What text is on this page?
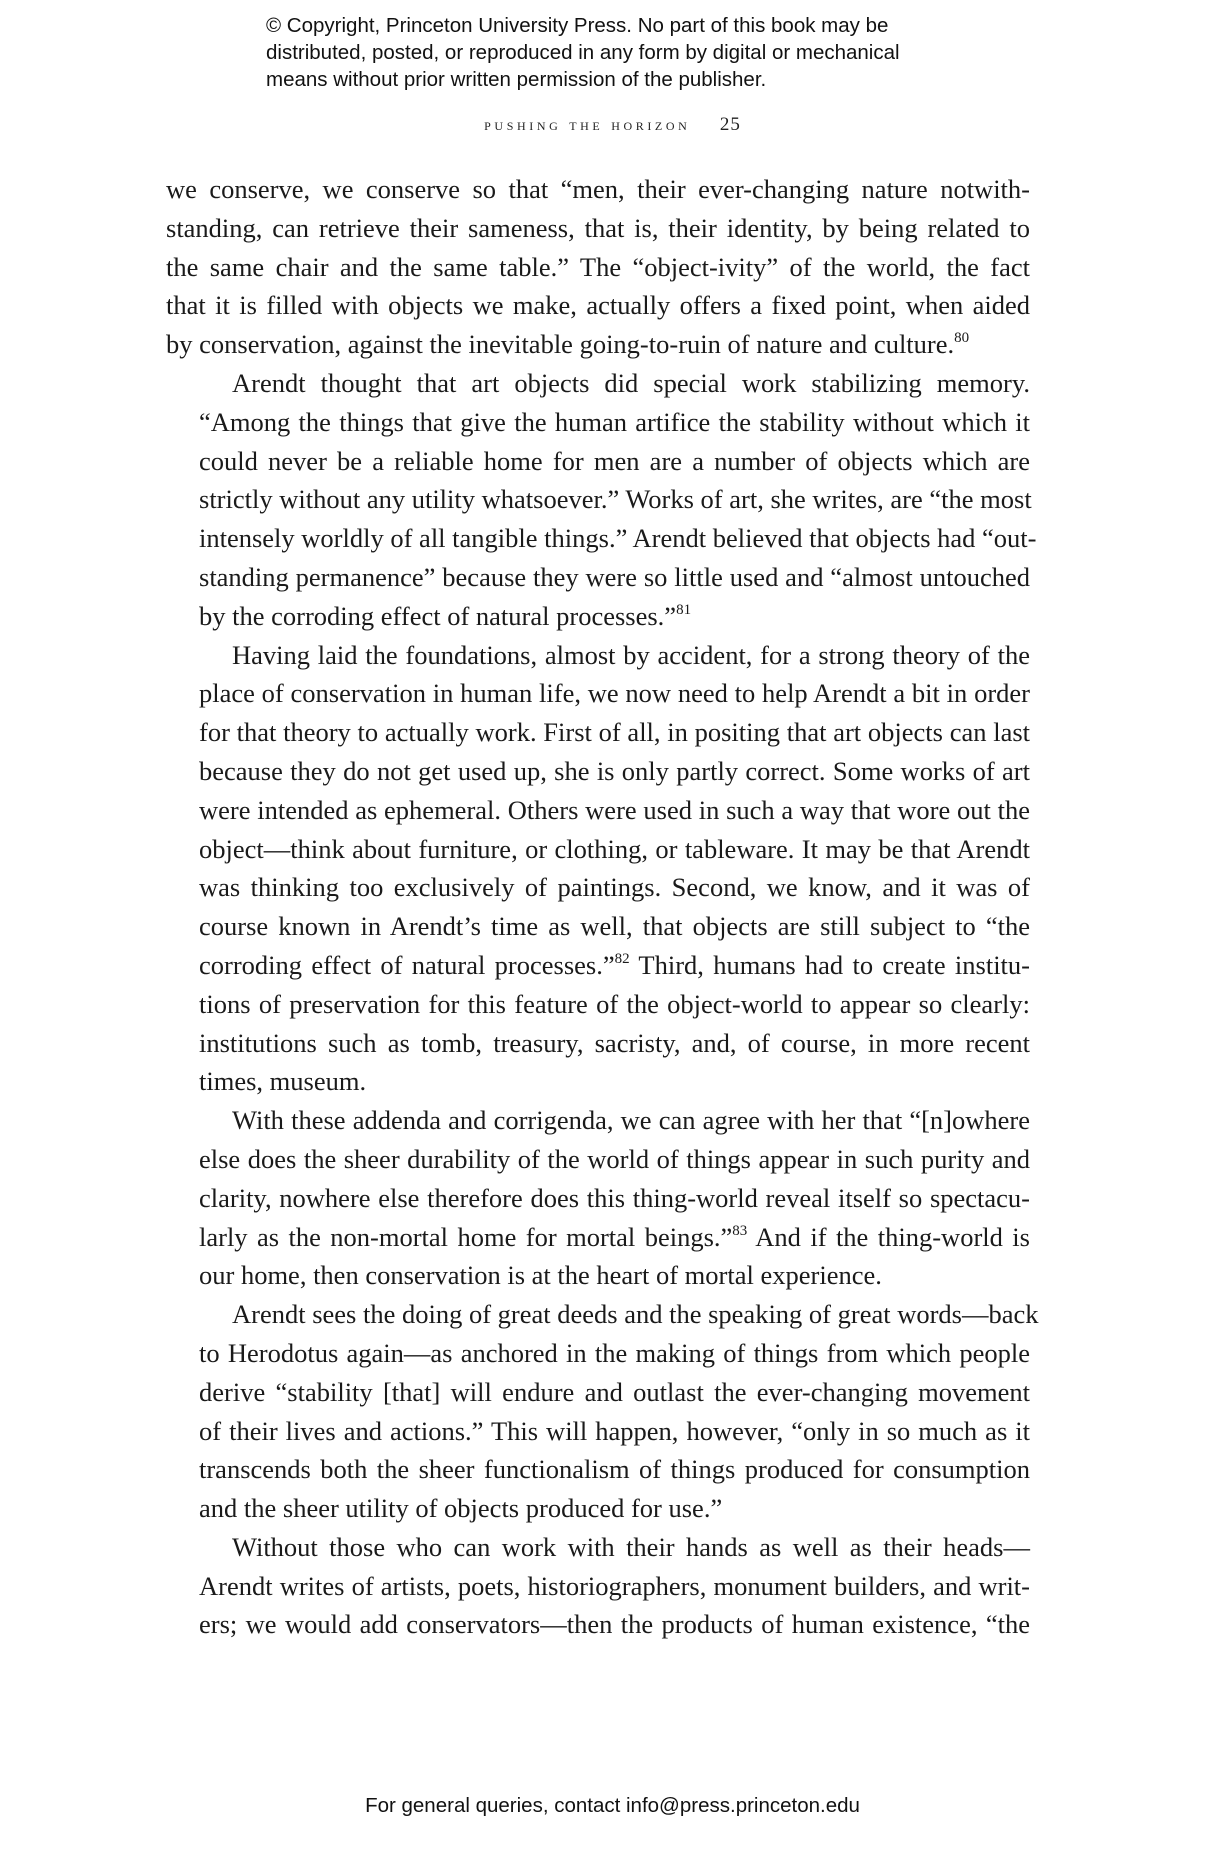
© Copyright, Princeton University Press. No part of this book may be
distributed, posted, or reproduced in any form by digital or mechanical
means without prior written permission of the publisher.
pushing the horizon 25
we conserve, we conserve so that “men, their ever-changing nature notwith-
standing, can retrieve their sameness, that is, their identity, by being related to
the same chair and the same table.” The “object-ivity” of the world, the fact
that it is filled with objects we make, actually offers a fixed point, when aided
by conservation, against the inevitable going-to-ruin of nature and culture.$^{80}$
Arendt thought that art objects did special work stabilizing memory.
“Among the things that give the human artifice the stability without which it
could never be a reliable home for men are a number of objects which are
strictly without any utility whatsoever.” Works of art, she writes, are “the most
intensely worldly of all tangible things.” Arendt believed that objects had “out-
standing permanence” because they were so little used and “almost untouched
by the corroding effect of natural processes.”$^{81}$
Having laid the foundations, almost by accident, for a strong theory of the
place of conservation in human life, we now need to help Arendt a bit in order
for that theory to actually work. First of all, in positing that art objects can last
because they do not get used up, she is only partly correct. Some works of art
were intended as ephemeral. Others were used in such a way that wore out the
object—think about furniture, or clothing, or tableware. It may be that Arendt
was thinking too exclusively of paintings. Second, we know, and it was of
course known in Arendt’s time as well, that objects are still subject to “the
corroding effect of natural processes.”$^{82}$ Third, humans had to create institu-
tions of preservation for this feature of the object-world to appear so clearly:
institutions such as tomb, treasury, sacristy, and, of course, in more recent
times, museum.
With these addenda and corrigenda, we can agree with her that “[n]owhere
else does the sheer durability of the world of things appear in such purity and
clarity, nowhere else therefore does this thing-world reveal itself so spectacu-
larly as the non-mortal home for mortal beings.”$^{83}$ And if the thing-world is
our home, then conservation is at the heart of mortal experience.
Arendt sees the doing of great deeds and the speaking of great words—back
to Herodotus again—as anchored in the making of things from which people
derive “stability [that] will endure and outlast the ever-changing movement
of their lives and actions.” This will happen, however, “only in so much as it
transcends both the sheer functionalism of things produced for consumption
and the sheer utility of objects produced for use.”
Without those who can work with their hands as well as their heads—
Arendt writes of artists, poets, historiographers, monument builders, and writ-
ers; we would add conservators—then the products of human existence, “the
For general queries, contact info@press.princeton.edu
